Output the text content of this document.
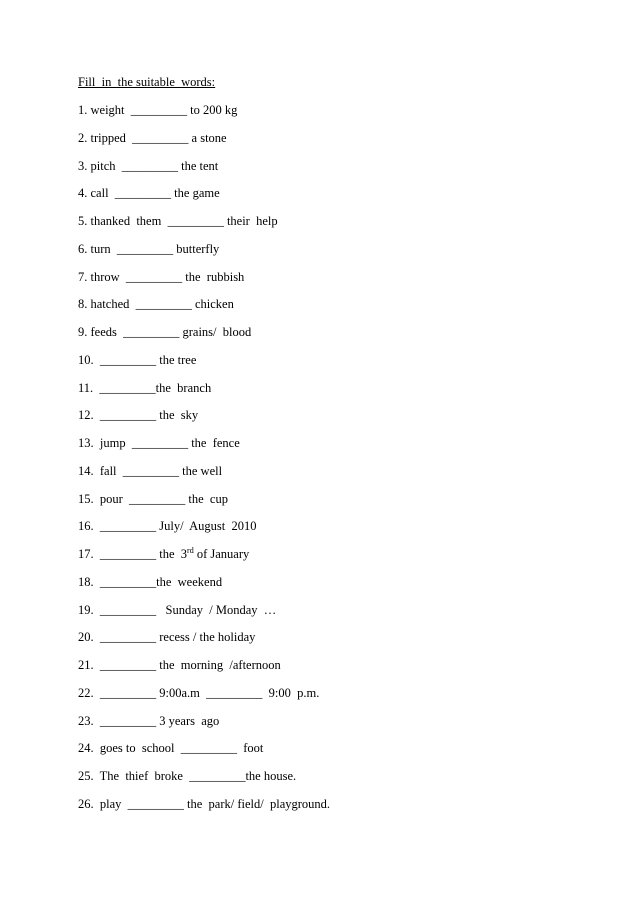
Fill  in  the suitable  words:
1. weight  _________ to 200 kg
2. tripped  _________ a stone
3. pitch  _________ the tent
4. call  _________ the game
5. thanked  them  _________ their  help
6. turn  _________ butterfly
7. throw  _________ the  rubbish
8. hatched  _________ chicken
9. feeds  _________ grains/  blood
10.  _________ the tree
11.  _________the  branch
12.  _________ the  sky
13.  jump  _________ the  fence
14.  fall  _________ the well
15.  pour  _________ the  cup
16.  _________ July/  August  2010
17.  _________ the  3rd of January
18.  _________the  weekend
19.  _________   Sunday  / Monday  …
20.  _________ recess / the holiday
21.  _________ the  morning  /afternoon
22.  _________ 9:00a.m  _________  9:00  p.m.
23.  _________ 3 years  ago
24.  goes to  school  _________  foot
25.  The  thief  broke  _________the house.
26.  play  _________ the  park/ field/  playground.
